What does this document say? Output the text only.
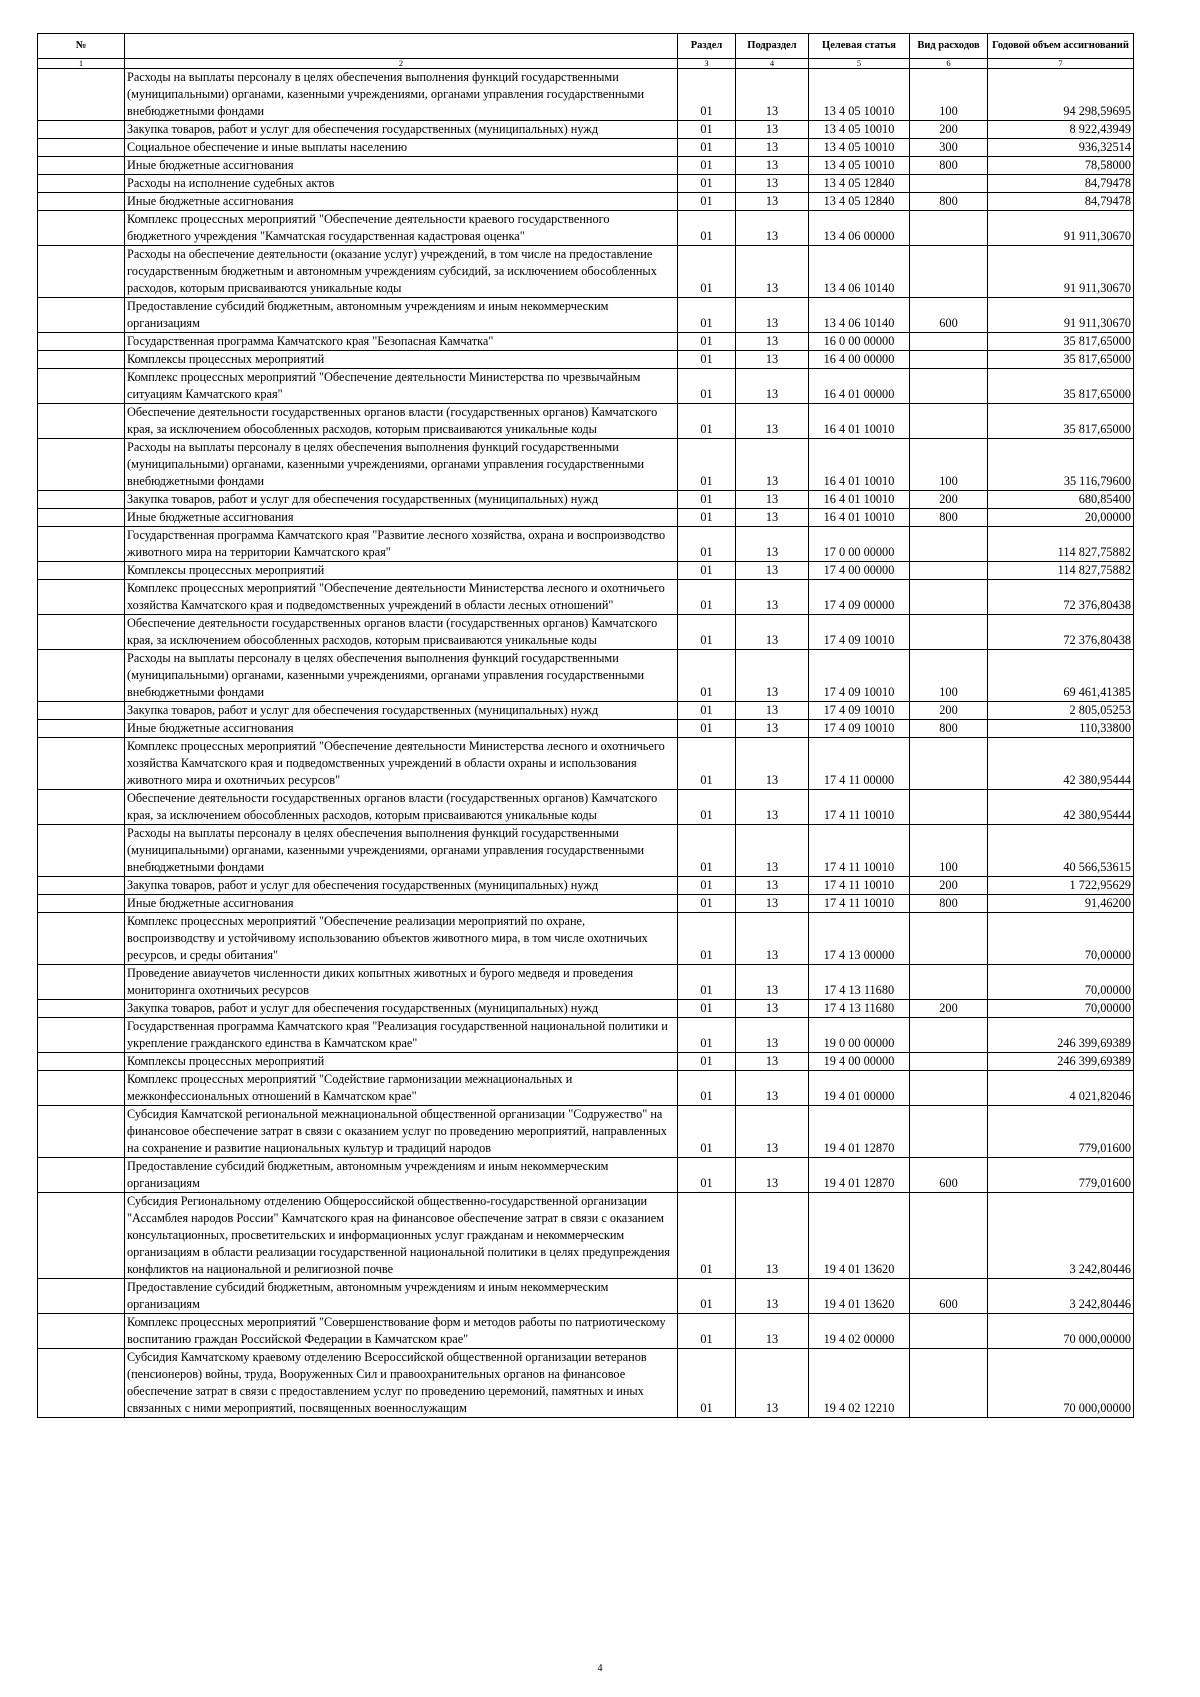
№		Раздел	Подраздел	Целевая статья	Вид расходов	Годовой объем ассигнований
1	2	3	4	5	6	7
	Расходы на выплаты персоналу в целях обеспечения выполнения функций государственными (муниципальными) органами, казенными учреждениями, органами управления государственными внебюджетными фондами	01	13	13 4 05 10010	100	94 298,59695
	Закупка товаров, работ и услуг для обеспечения государственных (муниципальных) нужд	01	13	13 4 05 10010	200	8 922,43949
	Социальное обеспечение и иные выплаты населению	01	13	13 4 05 10010	300	936,32514
	Иные бюджетные ассигнования	01	13	13 4 05 10010	800	78,58000
	Расходы на исполнение судебных актов	01	13	13 4 05 12840		84,79478
	Иные бюджетные ассигнования	01	13	13 4 05 12840	800	84,79478
	Комплекс процессных мероприятий "Обеспечение деятельности краевого государственного бюджетного учреждения "Камчатская государственная кадастровая оценка"	01	13	13 4 06 00000		91 911,30670
	Расходы на обеспечение деятельности (оказание услуг) учреждений, в том числе на предоставление государственным бюджетным и автономным учреждениям субсидий, за исключением обособленных расходов, которым присваиваются уникальные коды	01	13	13 4 06 10140		91 911,30670
	Предоставление субсидий бюджетным, автономным учреждениям и иным некоммерческим организациям	01	13	13 4 06 10140	600	91 911,30670
	Государственная программа Камчатского края "Безопасная Камчатка"	01	13	16 0 00 00000		35 817,65000
	Комплексы процессных мероприятий	01	13	16 4 00 00000		35 817,65000
	Комплекс процессных мероприятий "Обеспечение деятельности Министерства по чрезвычайным ситуациям Камчатского края"	01	13	16 4 01 00000		35 817,65000
	Обеспечение деятельности государственных органов власти (государственных органов) Камчатского края, за исключением обособленных расходов, которым присваиваются уникальные коды	01	13	16 4 01 10010		35 817,65000
	Расходы на выплаты персоналу в целях обеспечения выполнения функций государственными (муниципальными) органами, казенными учреждениями, органами управления государственными внебюджетными фондами	01	13	16 4 01 10010	100	35 116,79600
	Закупка товаров, работ и услуг для обеспечения государственных (муниципальных) нужд	01	13	16 4 01 10010	200	680,85400
	Иные бюджетные ассигнования	01	13	16 4 01 10010	800	20,00000
	Государственная программа Камчатского края "Развитие лесного хозяйства, охрана и воспроизводство животного мира на территории Камчатского края"	01	13	17 0 00 00000		114 827,75882
	Комплексы процессных мероприятий	01	13	17 4 00 00000		114 827,75882
	Комплекс процессных мероприятий "Обеспечение деятельности Министерства лесного и охотничьего хозяйства Камчатского края и подведомственных учреждений в области лесных отношений"	01	13	17 4 09 00000		72 376,80438
	Обеспечение деятельности государственных органов власти (государственных органов) Камчатского края, за исключением обособленных расходов, которым присваиваются уникальные коды	01	13	17 4 09 10010		72 376,80438
	Расходы на выплаты персоналу в целях обеспечения выполнения функций государственными (муниципальными) органами, казенными учреждениями, органами управления государственными внебюджетными фондами	01	13	17 4 09 10010	100	69 461,41385
	Закупка товаров, работ и услуг для обеспечения государственных (муниципальных) нужд	01	13	17 4 09 10010	200	2 805,05253
	Иные бюджетные ассигнования	01	13	17 4 09 10010	800	110,33800
	Комплекс процессных мероприятий "Обеспечение деятельности Министерства лесного и охотничьего хозяйства Камчатского края и подведомственных учреждений в области охраны и использования животного мира и охотничьих ресурсов"	01	13	17 4 11 00000		42 380,95444
	Обеспечение деятельности государственных органов власти (государственных органов) Камчатского края, за исключением обособленных расходов, которым присваиваются уникальные коды	01	13	17 4 11 10010		42 380,95444
	Расходы на выплаты персоналу в целях обеспечения выполнения функций государственными (муниципальными) органами, казенными учреждениями, органами управления государственными внебюджетными фондами	01	13	17 4 11 10010	100	40 566,53615
	Закупка товаров, работ и услуг для обеспечения государственных (муниципальных) нужд	01	13	17 4 11 10010	200	1 722,95629
	Иные бюджетные ассигнования	01	13	17 4 11 10010	800	91,46200
	Комплекс процессных мероприятий "Обеспечение реализации мероприятий по охране, воспроизводству и устойчивому использованию объектов животного мира, в том числе охотничьих ресурсов, и среды обитания"	01	13	17 4 13 00000		70,00000
	Проведение авиаучетов численности диких копытных животных и бурого медведя и проведения мониторинга охотничьих ресурсов	01	13	17 4 13 11680		70,00000
	Закупка товаров, работ и услуг для обеспечения государственных (муниципальных) нужд	01	13	17 4 13 11680	200	70,00000
	Государственная программа Камчатского края "Реализация государственной национальной политики и укрепление гражданского единства в Камчатском крае"	01	13	19 0 00 00000		246 399,69389
	Комплексы процессных мероприятий	01	13	19 4 00 00000		246 399,69389
	Комплекс процессных мероприятий "Содействие гармонизации межнациональных и межконфессиональных отношений в Камчатском крае"	01	13	19 4 01 00000		4 021,82046
	Субсидия Камчатской региональной межнациональной общественной организации "Содружество" на финансовое обеспечение затрат в связи с оказанием услуг по проведению мероприятий, направленных на сохранение и развитие национальных культур и традиций народов	01	13	19 4 01 12870		779,01600
	Предоставление субсидий бюджетным, автономным учреждениям и иным некоммерческим организациям	01	13	19 4 01 12870	600	779,01600
	Субсидия Региональному отделению Общероссийской общественно-государственной организации "Ассамблея народов России" Камчатского края на финансовое обеспечение затрат в связи с оказанием консультационных, просветительских и информационных услуг гражданам и некоммерческим организациям в области реализации государственной национальной политики в целях предупреждения конфликтов на национальной и религиозной почве	01	13	19 4 01 13620		3 242,80446
	Предоставление субсидий бюджетным, автономным учреждениям и иным некоммерческим организациям	01	13	19 4 01 13620	600	3 242,80446
	Комплекс процессных мероприятий "Совершенствование форм и методов работы по патриотическому воспитанию граждан Российской Федерации в Камчатском крае"	01	13	19 4 02 00000		70 000,00000
	Субсидия Камчатскому краевому отделению Всероссийской общественной организации ветеранов (пенсионеров) войны, труда, Вооруженных Сил и правоохранительных органов на финансовое обеспечение затрат в связи с предоставлением услуг по проведению церемоний, памятных и иных связанных с ними мероприятий, посвященных военнослужащим	01	13	19 4 02 12210		70 000,00000
4
